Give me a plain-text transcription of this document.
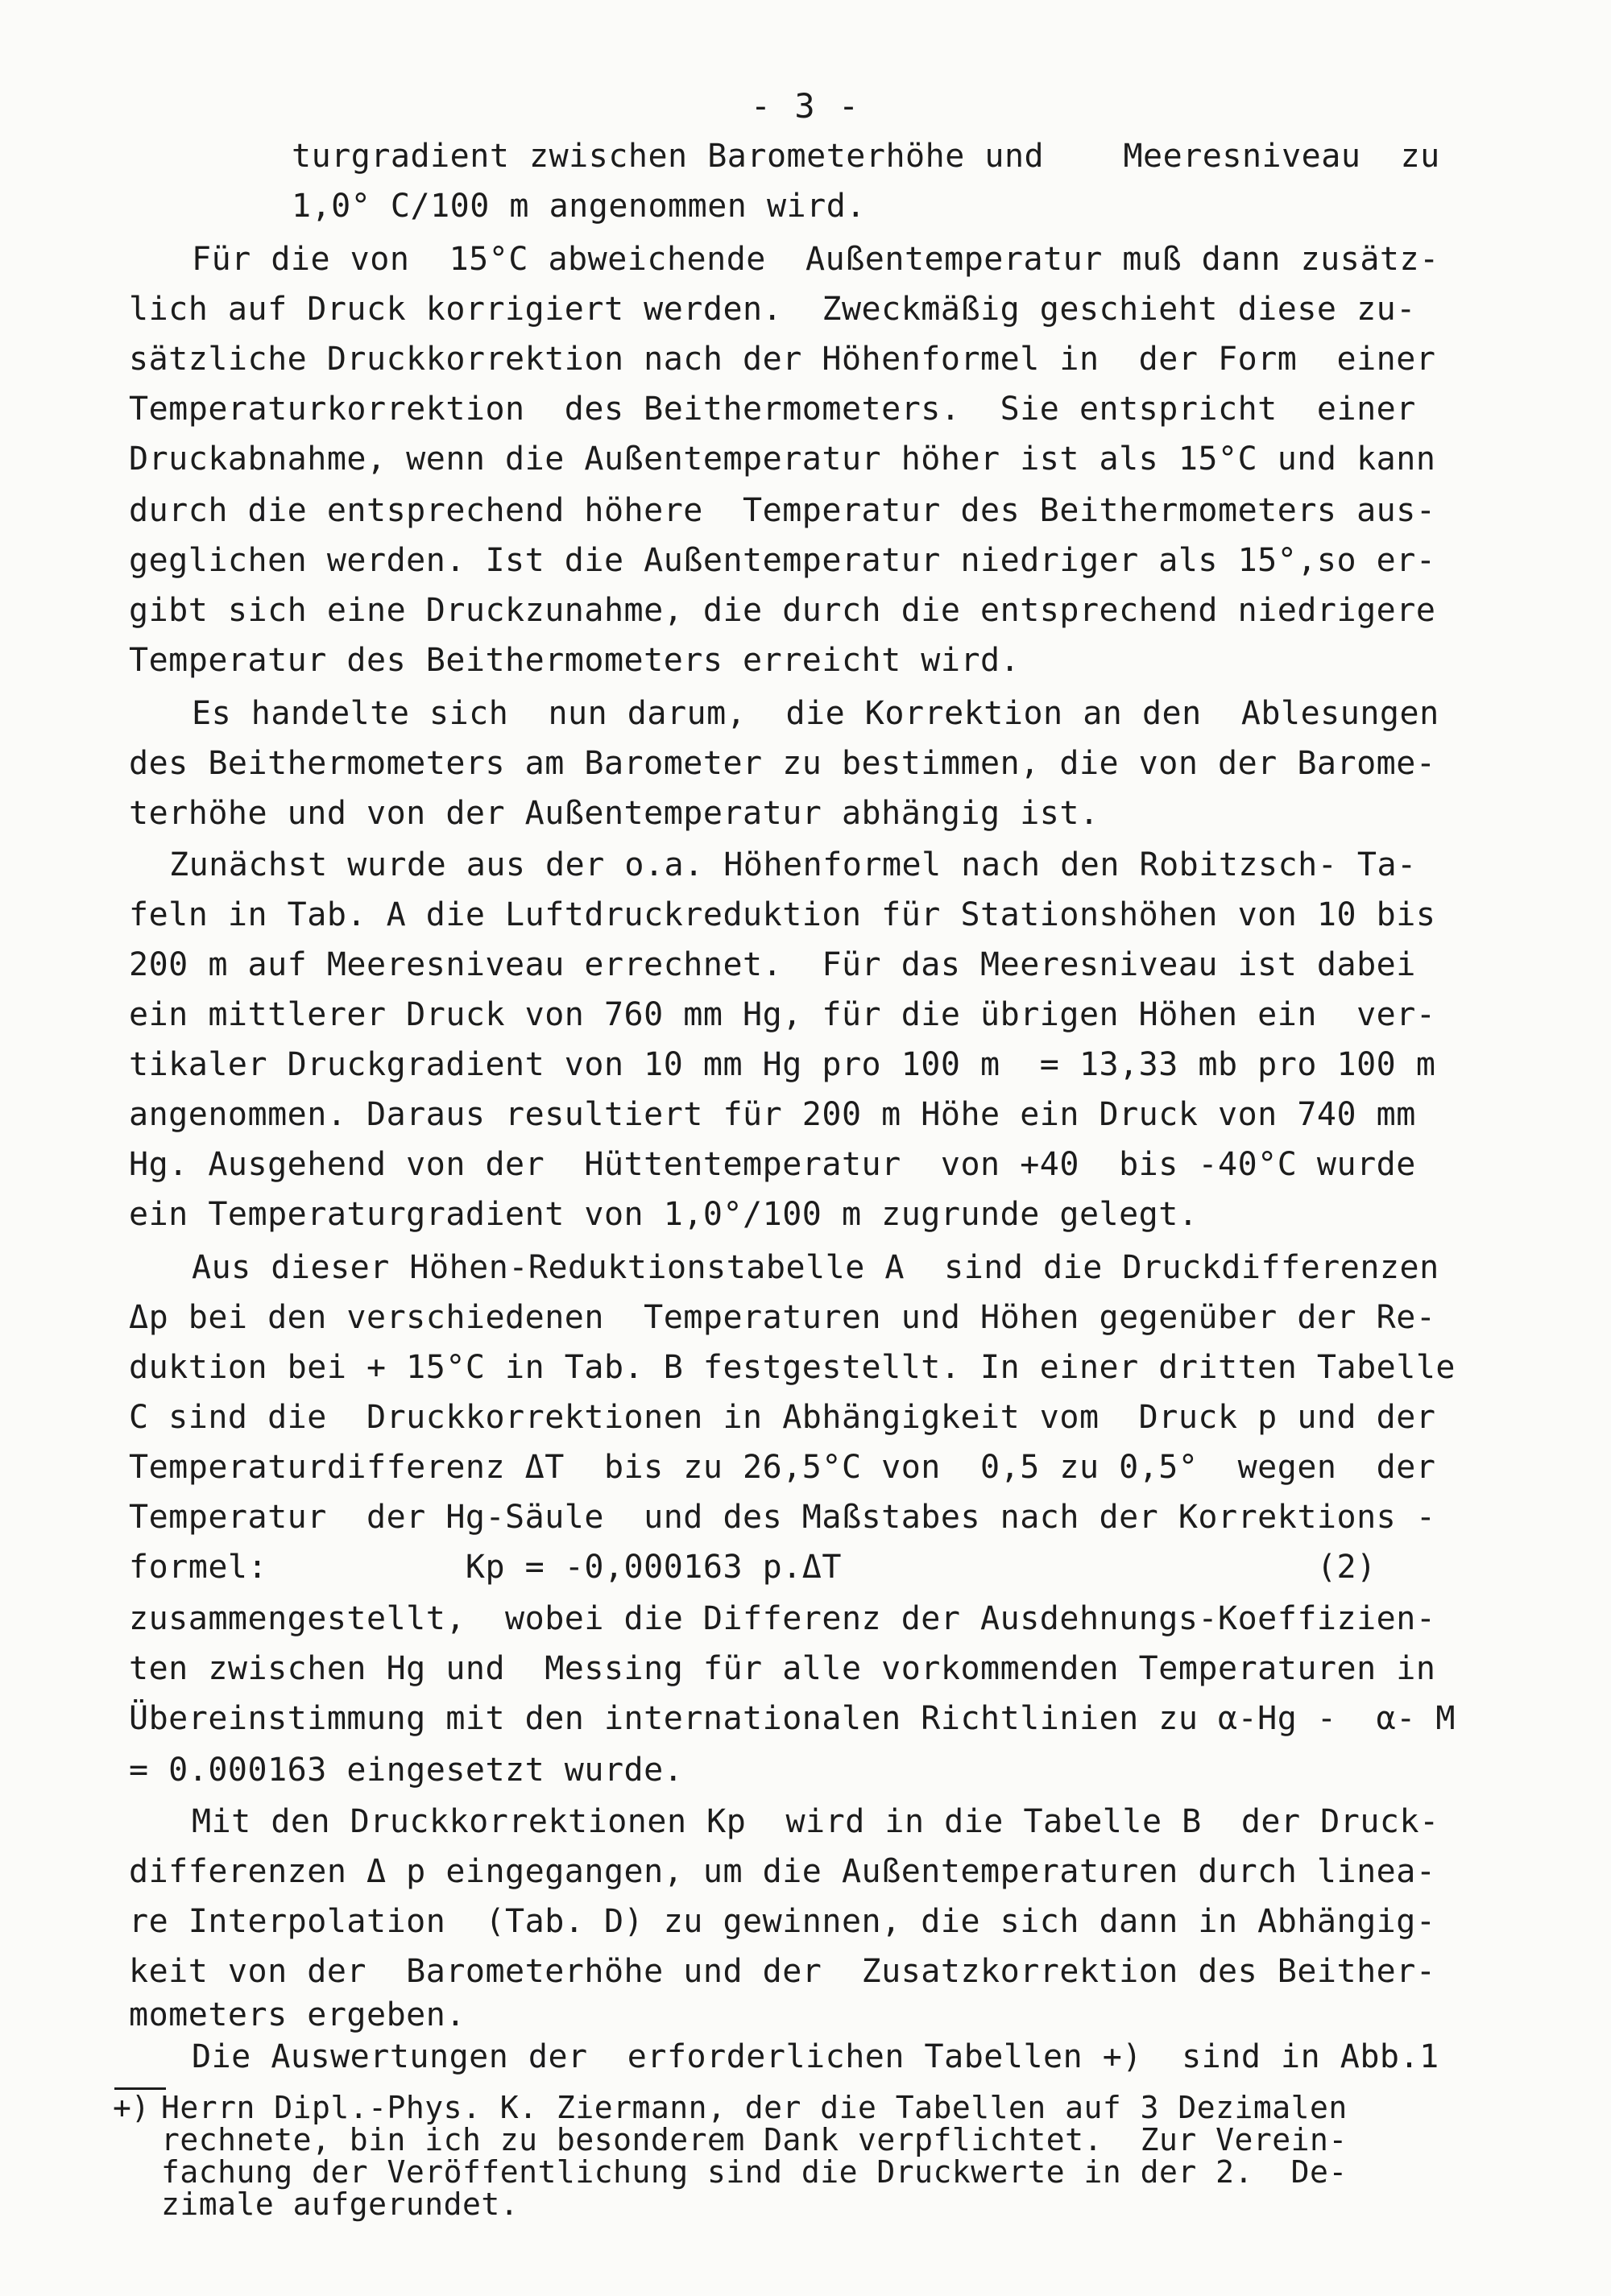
- 3 -
turgradient zwischen Barometerhöhe und    Meeresniveau  zu
1,0° C/100 m angenommen wird.
Für die von  15°C abweichende  Außentemperatur muß dann zusätz-
lich auf Druck korrigiert werden.  Zweckmäßig geschieht diese zu-
sätzliche Druckkorrektion nach der Höhenformel in  der Form  einer
Temperaturkorrektion  des Beithermometers.  Sie entspricht  einer
Druckabnahme, wenn die Außentemperatur höher ist als 15°C und kann
durch die entsprechend höhere  Temperatur des Beithermometers aus-
geglichen werden. Ist die Außentemperatur niedriger als 15°,so er-
gibt sich eine Druckzunahme, die durch die entsprechend niedrigere
Temperatur des Beithermometers erreicht wird.
Es handelte sich  nun darum,  die Korrektion an den  Ablesungen
des Beithermometers am Barometer zu bestimmen, die von der Barome-
terhöhe und von der Außentemperatur abhängig ist.
Zunächst wurde aus der o.a. Höhenformel nach den Robitzsch- Ta-
feln in Tab. A die Luftdruckreduktion für Stationshöhen von 10 bis
200 m auf Meeresniveau errechnet.  Für das Meeresniveau ist dabei
ein mittlerer Druck von 760 mm Hg, für die übrigen Höhen ein  ver-
tikaler Druckgradient von 10 mm Hg pro 100 m  = 13,33 mb pro 100 m
angenommen. Daraus resultiert für 200 m Höhe ein Druck von 740 mm
Hg. Ausgehend von der  Hüttentemperatur  von +40  bis -40°C wurde
ein Temperaturgradient von 1,0°/100 m zugrunde gelegt.
Aus dieser Höhen-Reduktionstabelle A  sind die Druckdifferenzen
Δp bei den verschiedenen  Temperaturen und Höhen gegenüber der Re-
duktion bei + 15°C in Tab. B festgestellt. In einer dritten Tabelle
C sind die  Druckkorrektionen in Abhängigkeit vom  Druck p und der
Temperaturdifferenz ΔT  bis zu 26,5°C von  0,5 zu 0,5°  wegen  der
Temperatur  der Hg-Säule  und des Maßstabes nach der Korrektions -
formel:          Kp = -0,000163 p.ΔT                        (2)
zusammengestellt,  wobei die Differenz der Ausdehnungs-Koeffizien-
ten zwischen Hg und  Messing für alle vorkommenden Temperaturen in
Übereinstimmung mit den internationalen Richtlinien zu α-Hg -  α- M
= 0.000163 eingesetzt wurde.
Mit den Druckkorrektionen Kp  wird in die Tabelle B  der Druck-
differenzen Δ p eingegangen, um die Außentemperaturen durch linea-
re Interpolation  (Tab. D) zu gewinnen, die sich dann in Abhängig-
keit von der  Barometerhöhe und der  Zusatzkorrektion des Beither-
mometers ergeben.
Die Auswertungen der  erforderlichen Tabellen +)  sind in Abb.1
+) Herrn Dipl.-Phys. K. Ziermann, der die Tabellen auf 3 Dezimalen
rechnete, bin ich zu besonderem Dank verpflichtet.  Zur Verein-
fachung der Veröffentlichung sind die Druckwerte in der 2.  De-
zimale aufgerundet.
